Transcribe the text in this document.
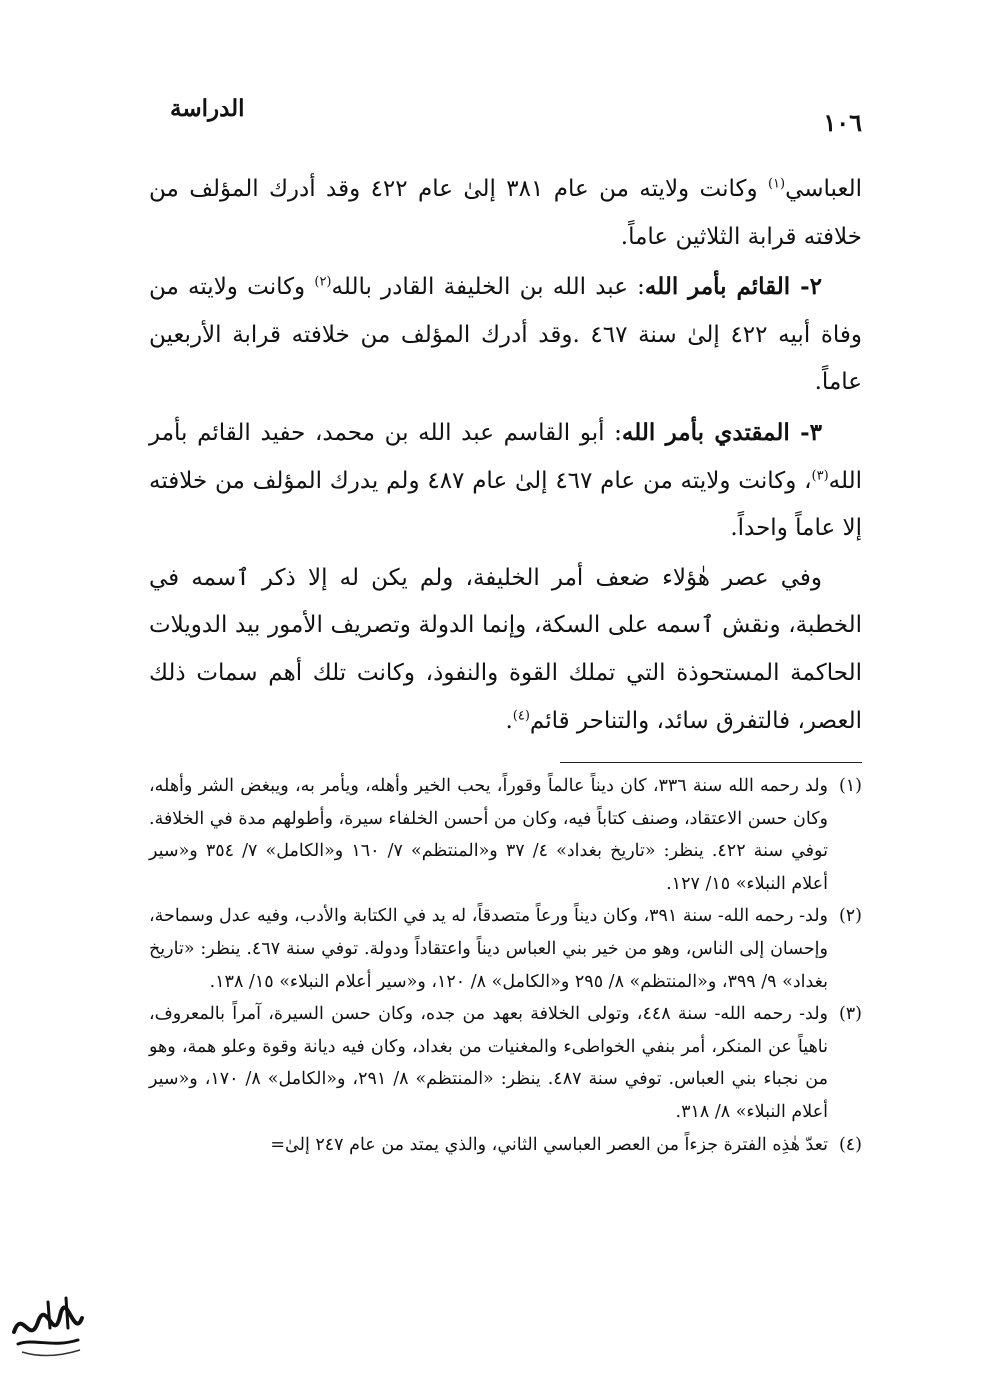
الدراسة	١٠٦

العباسي$^{(١)}$ وكانت ولايته من عام ٣٨١ إلىٰ عام ٤٢٢ وقد أدرك المؤلف من خلافته قرابة الثلاثين عاماً.

٢- القائم بأمر الله: عبد الله بن الخليفة القادر بالله$^{(٢)}$ وكانت ولايته من وفاة أبيه ٤٢٢ إلىٰ سنة ٤٦٧ .وقد أدرك المؤلف من خلافته قرابة الأربعين عاماً.

٣- المقتدي بأمر الله: أبو القاسم عبد الله بن محمد، حفيد القائم بأمر الله$^{(٣)}$، وكانت ولايته من عام ٤٦٧ إلىٰ عام ٤٨٧ ولم يدرك المؤلف من خلافته إلا عاماً واحداً.

وفي عصر هٰؤلاء ضعف أمر الخليفة، ولم يكن له إلا ذكر ٱسمه في الخطبة، ونقش ٱسمه على السكة، وإنما الدولة وتصريف الأمور بيد الدويلات الحاكمة المستحوذة التي تملك القوة والنفوذ، وكانت تلك أهم سمات ذلك العصر، فالتفرق سائد، والتناحر قائم$^{(٤)}$.

(١)
ولد رحمه الله سنة ٣٣٦، كان ديناً عالماً وقوراً، يحب الخير وأهله، ويأمر به، ويبغض الشر وأهله، وكان حسن الاعتقاد، وصنف كتاباً فيه، وكان من أحسن الخلفاء سيرة، وأطولهم مدة في الخلافة. توفي سنة ٤٢٢. ينظر: «تاريخ بغداد» ٤/ ٣٧ و«المنتظم» ٧/ ١٦٠ و«الكامل» ٧/ ٣٥٤ و«سير أعلام النبلاء» ١٥/ ١٢٧.

(٢)
ولد- رحمه الله- سنة ٣٩١، وكان ديناً ورعاً متصدقاً، له يد في الكتابة والأدب، وفيه عدل وسماحة، وإحسان إلى الناس، وهو من خير بني العباس ديناً واعتقاداً ودولة. توفي سنة ٤٦٧. ينظر: «تاريخ بغداد» ٩/ ٣٩٩، و«المنتظم» ٨/ ٢٩٥ و«الكامل» ٨/ ١٢٠، و«سير أعلام النبلاء» ١٥/ ١٣٨.

(٣)
ولد- رحمه الله- سنة ٤٤٨، وتولى الخلافة بعهد من جده، وكان حسن السيرة، آمراً بالمعروف، ناهياً عن المنكر، أمر بنفي الخواطىء والمغنيات من بغداد، وكان فيه ديانة وقوة وعلو همة، وهو من نجباء بني العباس. توفي سنة ٤٨٧. ينظر: «المنتظم» ٨/ ٢٩١، و«الكامل» ٨/ ١٧٠، و«سير أعلام النبلاء» ٨/ ٣١٨.

(٤)
تعدّ هٰذِه الفترة جزءاً من العصر العباسي الثاني، والذي يمتد من عام ٢٤٧ إلىٰ=
